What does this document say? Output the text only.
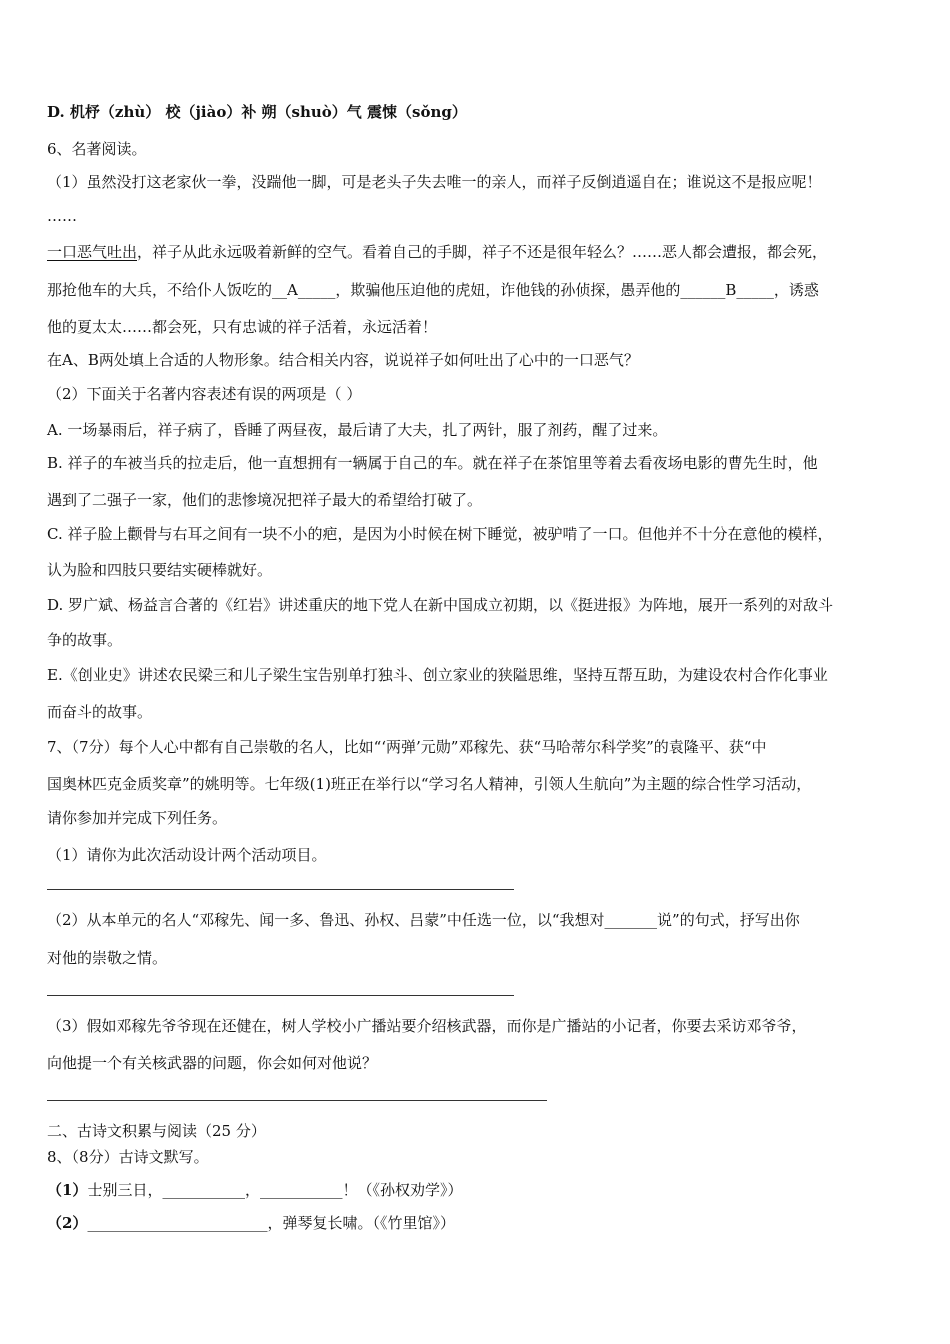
D. 机杼（zhù） 校（jiào）补 朔（shuò）气 震悚（sǒng）
6、名著阅读。
（1）虽然没打这老家伙一拳，没踹他一脚，可是老头子失去唯一的亲人，而祥子反倒逍遥自在；谁说这不是报应呢！
……
一口恶气吐出，祥子从此永远吸着新鲜的空气。看着自己的手脚，祥子不还是很年轻么？……恶人都会遭报，都会死，
那抢他车的大兵，不给仆人饭吃的__A_____，欺骗他压迫他的虎妞，诈他钱的孙侦探，愚弄他的______B_____，诱惑
他的夏太太……都会死，只有忠诚的祥子活着，永远活着！
在A、B两处填上合适的人物形象。结合相关内容，说说祥子如何吐出了心中的一口恶气？
（2）下面关于名著内容表述有误的两项是（ ）
A. 一场暴雨后，祥子病了，昏睡了两昼夜，最后请了大夫，扎了两针，服了剂药，醒了过来。
B. 祥子的车被当兵的拉走后，他一直想拥有一辆属于自己的车。就在祥子在茶馆里等着去看夜场电影的曹先生时，他
遇到了二强子一家，他们的悲惨境况把祥子最大的希望给打破了。
C. 祥子脸上颧骨与右耳之间有一块不小的疤，是因为小时候在树下睡觉，被驴啃了一口。但他并不十分在意他的模样，
认为脸和四肢只要结实硬棒就好。
D. 罗广斌、杨益言合著的《红岩》讲述重庆的地下党人在新中国成立初期，以《挺进报》为阵地，展开一系列的对敌斗
争的故事。
E.《创业史》讲述农民梁三和儿子梁生宝告别单打独斗、创立家业的狭隘思维，坚持互帮互助，为建设农村合作化事业
而奋斗的故事。
7、（7分）每个人心中都有自己崇敬的名人，比如“‘两弹’元勋”邓稼先、获“马哈蒂尔科学奖”的袁隆平、获“中
国奥林匹克金质奖章”的姚明等。七年级(1)班正在举行以“学习名人精神，引领人生航向”为主题的综合性学习活动，
请你参加并完成下列任务。
（1）请你为此次活动设计两个活动项目。
（2）从本单元的名人“邓稼先、闻一多、鲁迅、孙权、吕蒙”中任选一位，以“我想对_______说”的句式，抒写出你
对他的崇敬之情。
（3）假如邓稼先爷爷现在还健在，树人学校小广播站要介绍核武器，而你是广播站的小记者，你要去采访邓爷爷，
向他提一个有关核武器的问题，你会如何对他说？
二、古诗文积累与阅读（25 分）
8、（8分）古诗文默写。
（1）士别三日，___________，___________！（《孙权劝学》）
（2）________________________，弹琴复长啸。（《竹里馆》）
